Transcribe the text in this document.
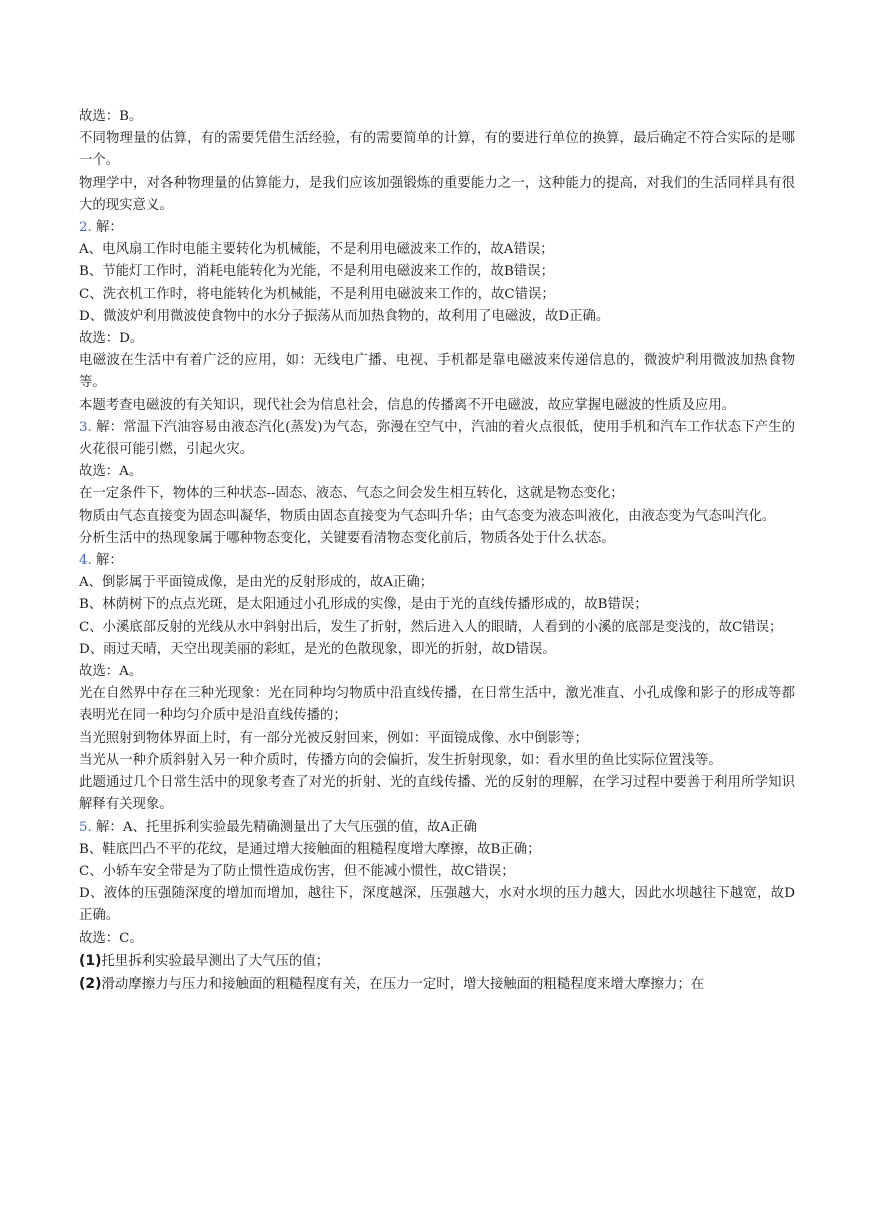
故选：B。

不同物理量的估算，有的需要凭借生活经验，有的需要简单的计算，有的要进行单位的换算，最后确定不符合实际的是哪一个。

物理学中，对各种物理量的估算能力，是我们应该加强锻炼的重要能力之一，这种能力的提高，对我们的生活同样具有很大的现实意义。

2. 解：

A、电风扇工作时电能主要转化为机械能，不是利用电磁波来工作的，故A错误；

B、节能灯工作时，消耗电能转化为光能，不是利用电磁波来工作的，故B错误；

C、洗衣机工作时，将电能转化为机械能，不是利用电磁波来工作的，故C错误；

D、微波炉利用微波使食物中的水分子振荡从而加热食物的，故利用了电磁波，故D正确。

故选：D。

电磁波在生活中有着广泛的应用，如：无线电广播、电视、手机都是靠电磁波来传递信息的，微波炉利用微波加热食物等。

本题考查电磁波的有关知识，现代社会为信息社会，信息的传播离不开电磁波，故应掌握电磁波的性质及应用。

3. 解：常温下汽油容易由液态汽化(蒸发)为气态，弥漫在空气中，汽油的着火点很低，使用手机和汽车工作状态下产生的火花很可能引燃，引起火灾。

故选：A。

在一定条件下，物体的三种状态--固态、液态、气态之间会发生相互转化，这就是物态变化；

物质由气态直接变为固态叫凝华，物质由固态直接变为气态叫升华；由气态变为液态叫液化，由液态变为气态叫汽化。

分析生活中的热现象属于哪种物态变化，关键要看清物态变化前后，物质各处于什么状态。

4. 解：

A、倒影属于平面镜成像，是由光的反射形成的，故A正确；

B、林荫树下的点点光斑，是太阳通过小孔形成的实像，是由于光的直线传播形成的，故B错误；

C、小溪底部反射的光线从水中斜射出后，发生了折射，然后进入人的眼睛，人看到的小溪的底部是变浅的，故C错误；

D、雨过天晴，天空出现美丽的彩虹，是光的色散现象，即光的折射，故D错误。

故选：A。

光在自然界中存在三种光现象：光在同种均匀物质中沿直线传播，在日常生活中，激光准直、小孔成像和影子的形成等都表明光在同一种均匀介质中是沿直线传播的；

当光照射到物体界面上时，有一部分光被反射回来，例如：平面镜成像、水中倒影等；

当光从一种介质斜射入另一种介质时，传播方向的会偏折，发生折射现象，如：看水里的鱼比实际位置浅等。

此题通过几个日常生活中的现象考查了对光的折射、光的直线传播、光的反射的理解，在学习过程中要善于利用所学知识解释有关现象。

5. 解：A、托里拆利实验最先精确测量出了大气压强的值，故A正确

B、鞋底凹凸不平的花纹，是通过增大接触面的粗糙程度增大摩擦，故B正确；

C、小轿车安全带是为了防止惯性造成伤害，但不能减小惯性，故C错误；

D、液体的压强随深度的增加而增加，越往下，深度越深，压强越大，水对水坝的压力越大，因此水坝越往下越宽，故D正确。

故选：C。

(1)托里拆利实验最早测出了大气压的值；

(2)滑动摩擦力与压力和接触面的粗糙程度有关，在压力一定时，增大接触面的粗糙程度来增大摩擦力；在
